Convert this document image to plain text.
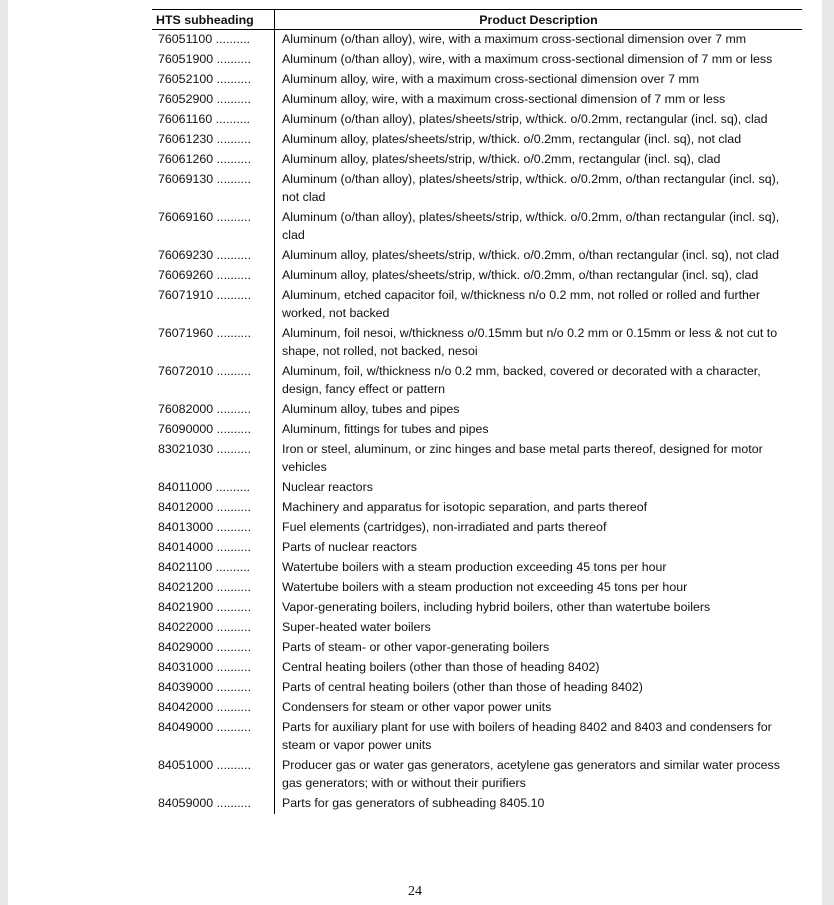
HTS subheading	Product Description
76051100 .....	Aluminum (o/than alloy), wire, with a maximum cross-sectional dimension over 7 mm
76051900 .....	Aluminum (o/than alloy), wire, with a maximum cross-sectional dimension of 7 mm or less
76052100 .....	Aluminum alloy, wire, with a maximum cross-sectional dimension over 7 mm
76052900 .....	Aluminum alloy, wire, with a maximum cross-sectional dimension of 7 mm or less
76061160 .....	Aluminum (o/than alloy), plates/sheets/strip, w/thick. o/0.2mm, rectangular (incl. sq), clad
76061230 .....	Aluminum alloy, plates/sheets/strip, w/thick. o/0.2mm, rectangular (incl. sq), not clad
76061260 .....	Aluminum alloy, plates/sheets/strip, w/thick. o/0.2mm, rectangular (incl. sq), clad
76069130 .....	Aluminum (o/than alloy), plates/sheets/strip, w/thick. o/0.2mm, o/than rectangular (incl. sq), not clad
76069160 .....	Aluminum (o/than alloy), plates/sheets/strip, w/thick. o/0.2mm, o/than rectangular (incl. sq), clad
76069230 .....	Aluminum alloy, plates/sheets/strip, w/thick. o/0.2mm, o/than rectangular (incl. sq), not clad
76069260 .....	Aluminum alloy, plates/sheets/strip, w/thick. o/0.2mm, o/than rectangular (incl. sq), clad
76071910 .....	Aluminum, etched capacitor foil, w/thickness n/o 0.2 mm, not rolled or rolled and further worked, not backed
76071960 .....	Aluminum, foil nesoi, w/thickness o/0.15mm but n/o 0.2 mm or 0.15mm or less & not cut to shape, not rolled, not backed, nesoi
76072010 .....	Aluminum, foil, w/thickness n/o 0.2 mm, backed, covered or decorated with a character, design, fancy effect or pattern
76082000 .....	Aluminum alloy, tubes and pipes
76090000 .....	Aluminum, fittings for tubes and pipes
83021030 .....	Iron or steel, aluminum, or zinc hinges and base metal parts thereof, designed for motor vehicles
84011000 .....	Nuclear reactors
84012000 .....	Machinery and apparatus for isotopic separation, and parts thereof
84013000 .....	Fuel elements (cartridges), non-irradiated and parts thereof
84014000 .....	Parts of nuclear reactors
84021100 .....	Watertube boilers with a steam production exceeding 45 tons per hour
84021200 .....	Watertube boilers with a steam production not exceeding 45 tons per hour
84021900 .....	Vapor-generating boilers, including hybrid boilers, other than watertube boilers
84022000 .....	Super-heated water boilers
84029000 .....	Parts of steam- or other vapor-generating boilers
84031000 .....	Central heating boilers (other than those of heading 8402)
84039000 .....	Parts of central heating boilers (other than those of heading 8402)
84042000 .....	Condensers for steam or other vapor power units
84049000 .....	Parts for auxiliary plant for use with boilers of heading 8402 and 8403 and condensers for steam or vapor power units
84051000 .....	Producer gas or water gas generators, acetylene gas generators and similar water process gas generators; with or without their purifiers
84059000 .....	Parts for gas generators of subheading 8405.10
24
